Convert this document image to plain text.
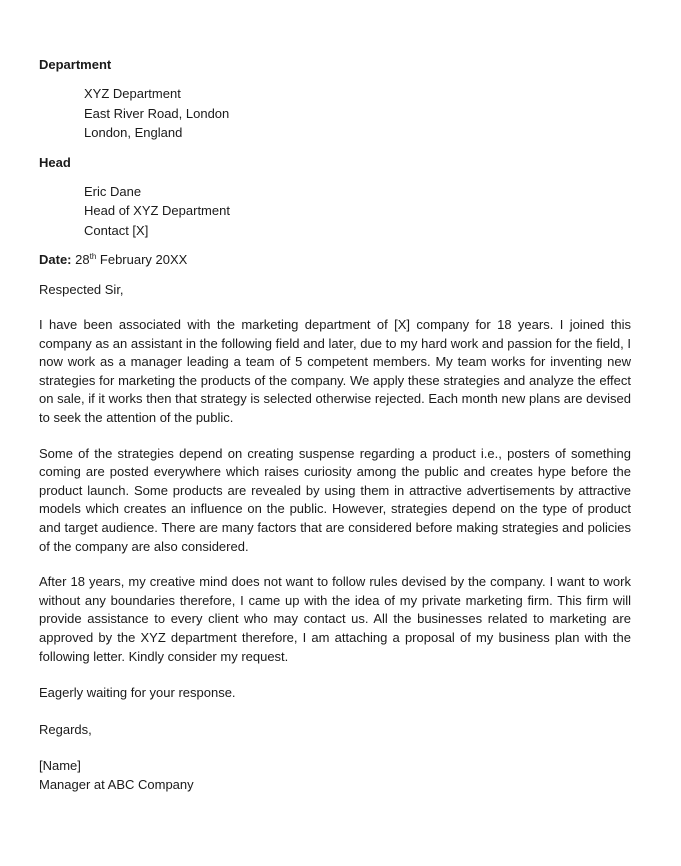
Department
XYZ Department
East River Road, London
London, England
Head
Eric Dane
Head of XYZ Department
Contact [X]
Date: 28th February 20XX
Respected Sir,
I have been associated with the marketing department of [X] company for 18 years. I joined this company as an assistant in the following field and later, due to my hard work and passion for the field, I now work as a manager leading a team of 5 competent members. My team works for inventing new strategies for marketing the products of the company. We apply these strategies and analyze the effect on sale, if it works then that strategy is selected otherwise rejected. Each month new plans are devised to seek the attention of the public.
Some of the strategies depend on creating suspense regarding a product i.e., posters of something coming are posted everywhere which raises curiosity among the public and creates hype before the product launch. Some products are revealed by using them in attractive advertisements by attractive models which creates an influence on the public. However, strategies depend on the type of product and target audience. There are many factors that are considered before making strategies and policies of the company are also considered.
After 18 years, my creative mind does not want to follow rules devised by the company. I want to work without any boundaries therefore, I came up with the idea of my private marketing firm. This firm will provide assistance to every client who may contact us. All the businesses related to marketing are approved by the XYZ department therefore, I am attaching a proposal of my business plan with the following letter. Kindly consider my request.
Eagerly waiting for your response.
Regards,
[Name]
Manager at ABC Company
